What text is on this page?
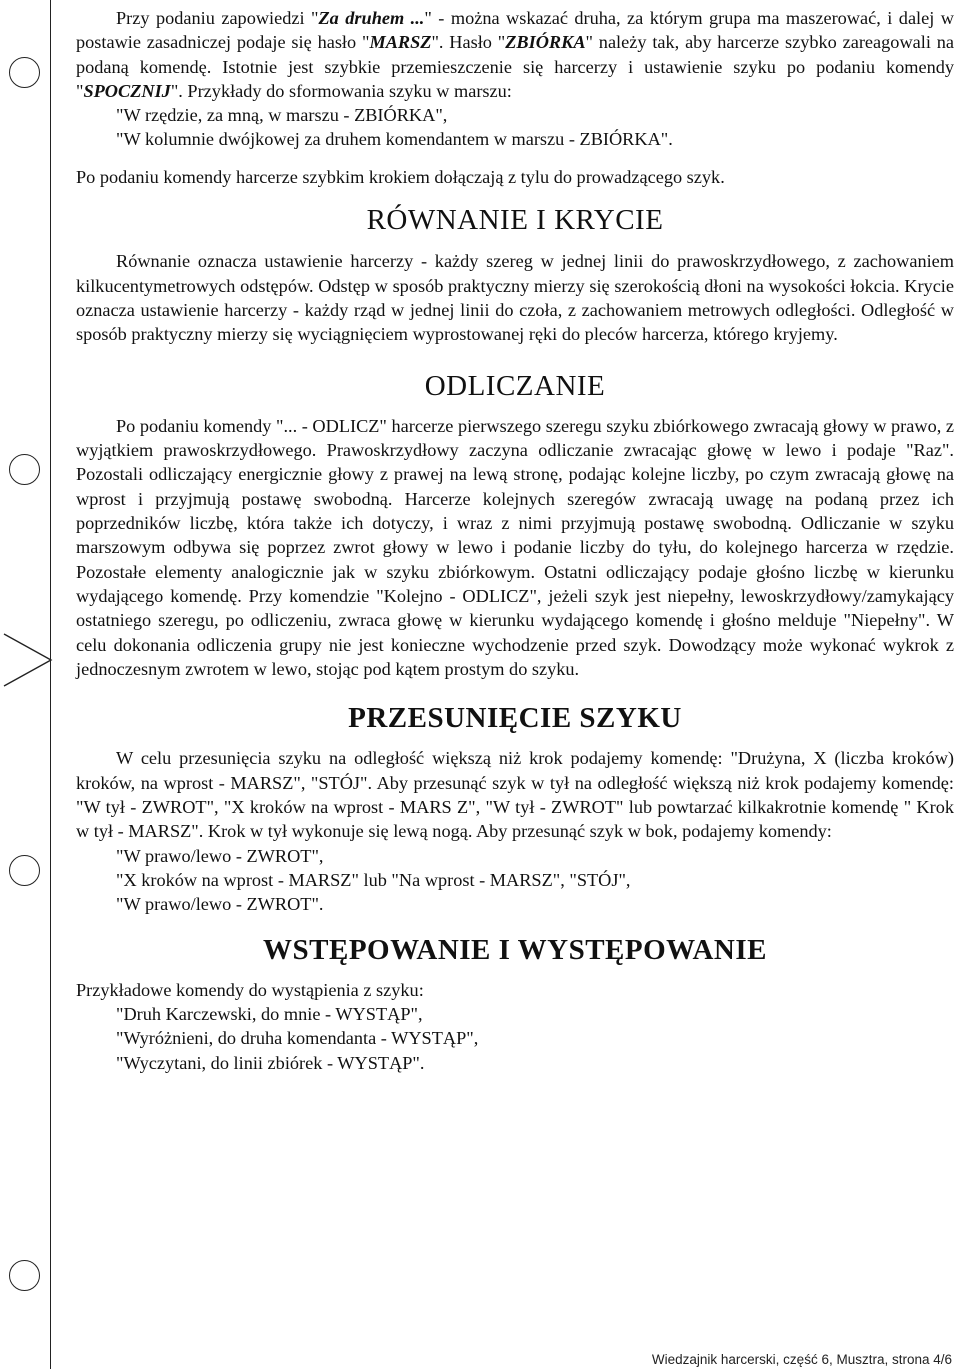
Przy podaniu zapowiedzi "Za druhem ..." - można wskazać druha, za którym grupa ma maszerować, i dalej w postawie zasadniczej podaje się hasło "MARSZ". Hasło "ZBIÓRKA" należy tak, aby harcerze szybko zareagowali na podaną komendę. Istotnie jest szybkie przemieszczenie się harcerzy i ustawienie szyku po podaniu komendy "SPOCZNIJ". Przykłady do sformowania szyku w marszu:

"W rzędzie, za mną, w marszu - ZBIÓRKA",

"W kolumnie dwójkowej za druhem komendantem w marszu - ZBIÓRKA".

Po podaniu komendy harcerze szybkim krokiem dołączają z tylu do prowadzącego szyk.

RÓWNANIE I KRYCIE

Równanie oznacza ustawienie harcerzy - każdy szereg w jednej linii do prawoskrzydłowego, z zachowaniem kilkucentymetrowych odstępów. Odstęp w sposób praktyczny mierzy się szerokością dłoni na wysokości łokcia. Krycie oznacza ustawienie harcerzy - każdy rząd w jednej linii do czoła, z zachowaniem metrowych odległości. Odległość w sposób praktyczny mierzy się wyciągnięciem wyprostowanej ręki do pleców harcerza, którego kryjemy.

ODLICZANIE

Po podaniu komendy "... - ODLICZ" harcerze pierwszego szeregu szyku zbiórkowego zwracają głowy w prawo, z wyjątkiem prawoskrzydłowego. Prawoskrzydłowy zaczyna odliczanie zwracając głowę w lewo i podaje "Raz". Pozostali odliczający energicznie głowy z prawej na lewą stronę, podając kolejne liczby, po czym zwracają głowę na wprost i przyjmują postawę swobodną. Harcerze kolejnych szeregów zwracają uwagę na podaną przez ich poprzedników liczbę, która także ich dotyczy, i wraz z nimi przyjmują postawę swobodną. Odliczanie w szyku marszowym odbywa się poprzez zwrot głowy w lewo i podanie liczby do tyłu, do kolejnego harcerza w rzędzie. Pozostałe elementy analogicznie jak w szyku zbiórkowym. Ostatni odliczający podaje głośno liczbę w kierunku wydającego komendę. Przy komendzie "Kolejno - ODLICZ", jeżeli szyk jest niepełny, lewoskrzydłowy/zamykający ostatniego szeregu, po odliczeniu, zwraca głowę w kierunku wydającego komendę i głośno melduje "Niepełny". W celu dokonania odliczenia grupy nie jest konieczne wychodzenie przed szyk. Dowodzący może wykonać wykrok z jednoczesnym zwrotem w lewo, stojąc pod kątem prostym do szyku.

PRZESUNIĘCIE SZYKU

W celu przesunięcia szyku na odległość większą niż krok podajemy komendę: "Drużyna, X (liczba kroków) kroków, na wprost - MARSZ", "STÓJ". Aby przesunąć szyk w tył na odległość większą niż krok podajemy komendę: "W tył - ZWROT", "X kroków na wprost - MARS Z", "W tył - ZWROT" lub powtarzać kilkakrotnie komendę " Krok w tył - MARSZ". Krok w tył wykonuje się lewą nogą. Aby przesunąć szyk w bok, podajemy komendy:

"W prawo/lewo - ZWROT",

"X kroków na wprost - MARSZ" lub "Na wprost - MARSZ", "STÓJ",

"W prawo/lewo - ZWROT".

WSTĘPOWANIE I WYSTĘPOWANIE

Przykładowe komendy do wystąpienia z szyku:

"Druh Karczewski, do mnie - WYSTĄP",

"Wyróżnieni, do druha komendanta - WYSTĄP",

"Wyczytani, do linii zbiórek - WYSTĄP".

Wiedzajnik harcerski, część 6, Musztra, strona 4/6
